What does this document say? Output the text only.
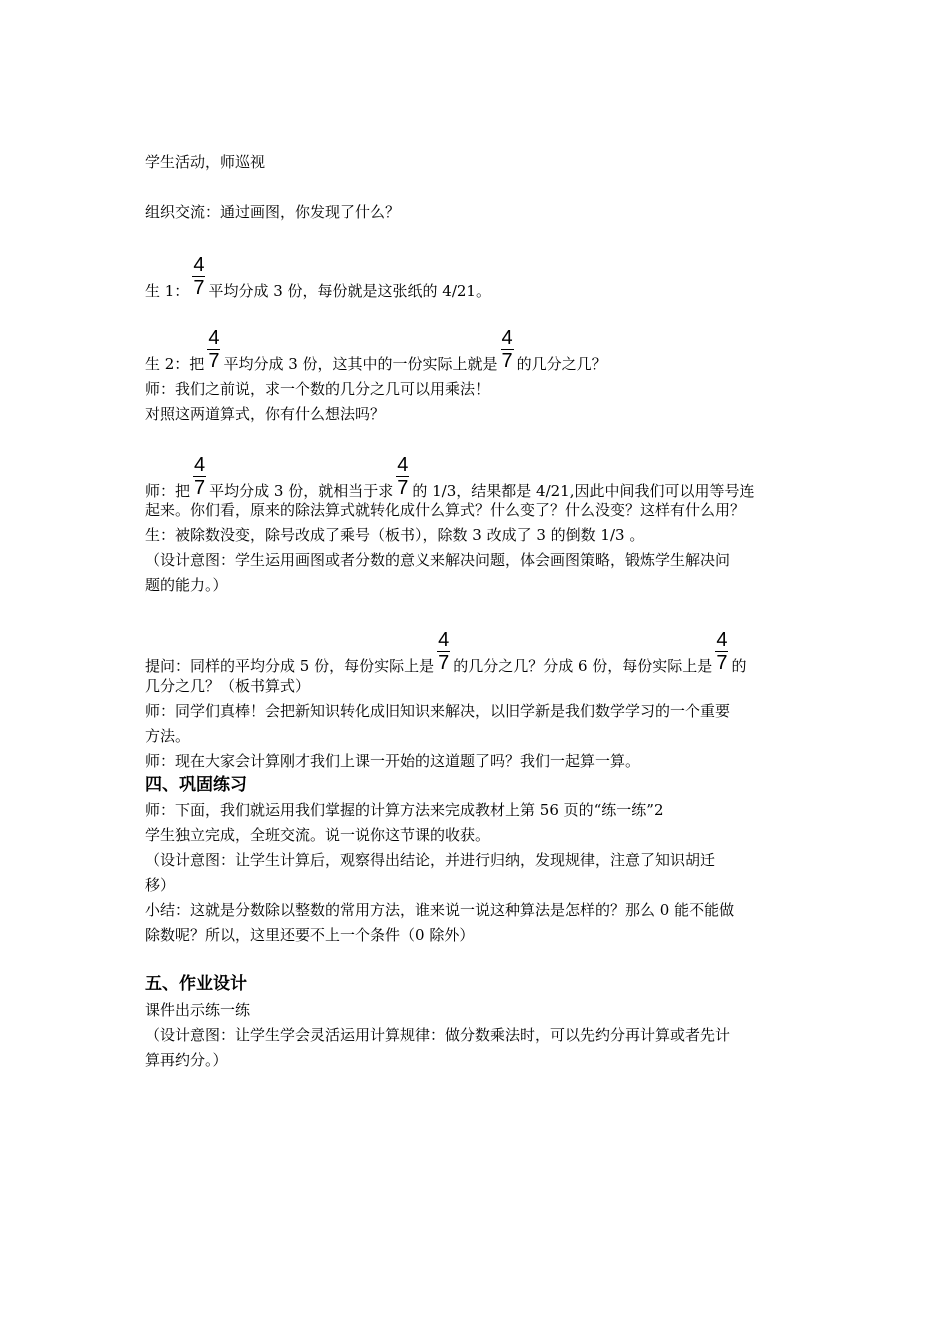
学生活动，师巡视
组织交流：通过画图，你发现了什么？
生 1： $\frac{4}{7}$ 平均分成 3 份，每份就是这张纸的 4/21。
生 2：把 $\frac{4}{7}$ 平均分成 3 份，这其中的一份实际上就是 $\frac{4}{7}$ 的几分之几？
师：我们之前说，求一个数的几分之几可以用乘法！
对照这两道算式，你有什么想法吗？
师：把 $\frac{4}{7}$ 平均分成 3 份，就相当于求 $\frac{4}{7}$ 的 1/3，结果都是 4/21,因此中间我们可以用等号连
起来。你们看，原来的除法算式就转化成什么算式？什么变了？什么没变？这样有什么用？
生：被除数没变，除号改成了乘号（板书），除数 3 改成了 3 的倒数 1/3 。
（设计意图：学生运用画图或者分数的意义来解决问题，体会画图策略，锻炼学生解决问
题的能力。）
提问：同样的平均分成 5 份，每份实际上是 $\frac{4}{7}$ 的几分之几？分成 6 份，每份实际上是 $\frac{4}{7}$ 的
几分之几？（板书算式）
师：同学们真棒！会把新知识转化成旧知识来解决，以旧学新是我们数学学习的一个重要
方法。
师：现在大家会计算刚才我们上课一开始的这道题了吗？我们一起算一算。
四、巩固练习
师：下面，我们就运用我们掌握的计算方法来完成教材上第 56 页的“练一练”2
学生独立完成，全班交流。说一说你这节课的收获。
（设计意图：让学生计算后，观察得出结论，并进行归纳，发现规律，注意了知识胡迁
移）
小结：这就是分数除以整数的常用方法，谁来说一说这种算法是怎样的？那么 0 能不能做
除数呢？所以，这里还要不上一个条件（0 除外）
五、作业设计
课件出示练一练
（设计意图：让学生学会灵活运用计算规律：做分数乘法时，可以先约分再计算或者先计
算再约分。）
